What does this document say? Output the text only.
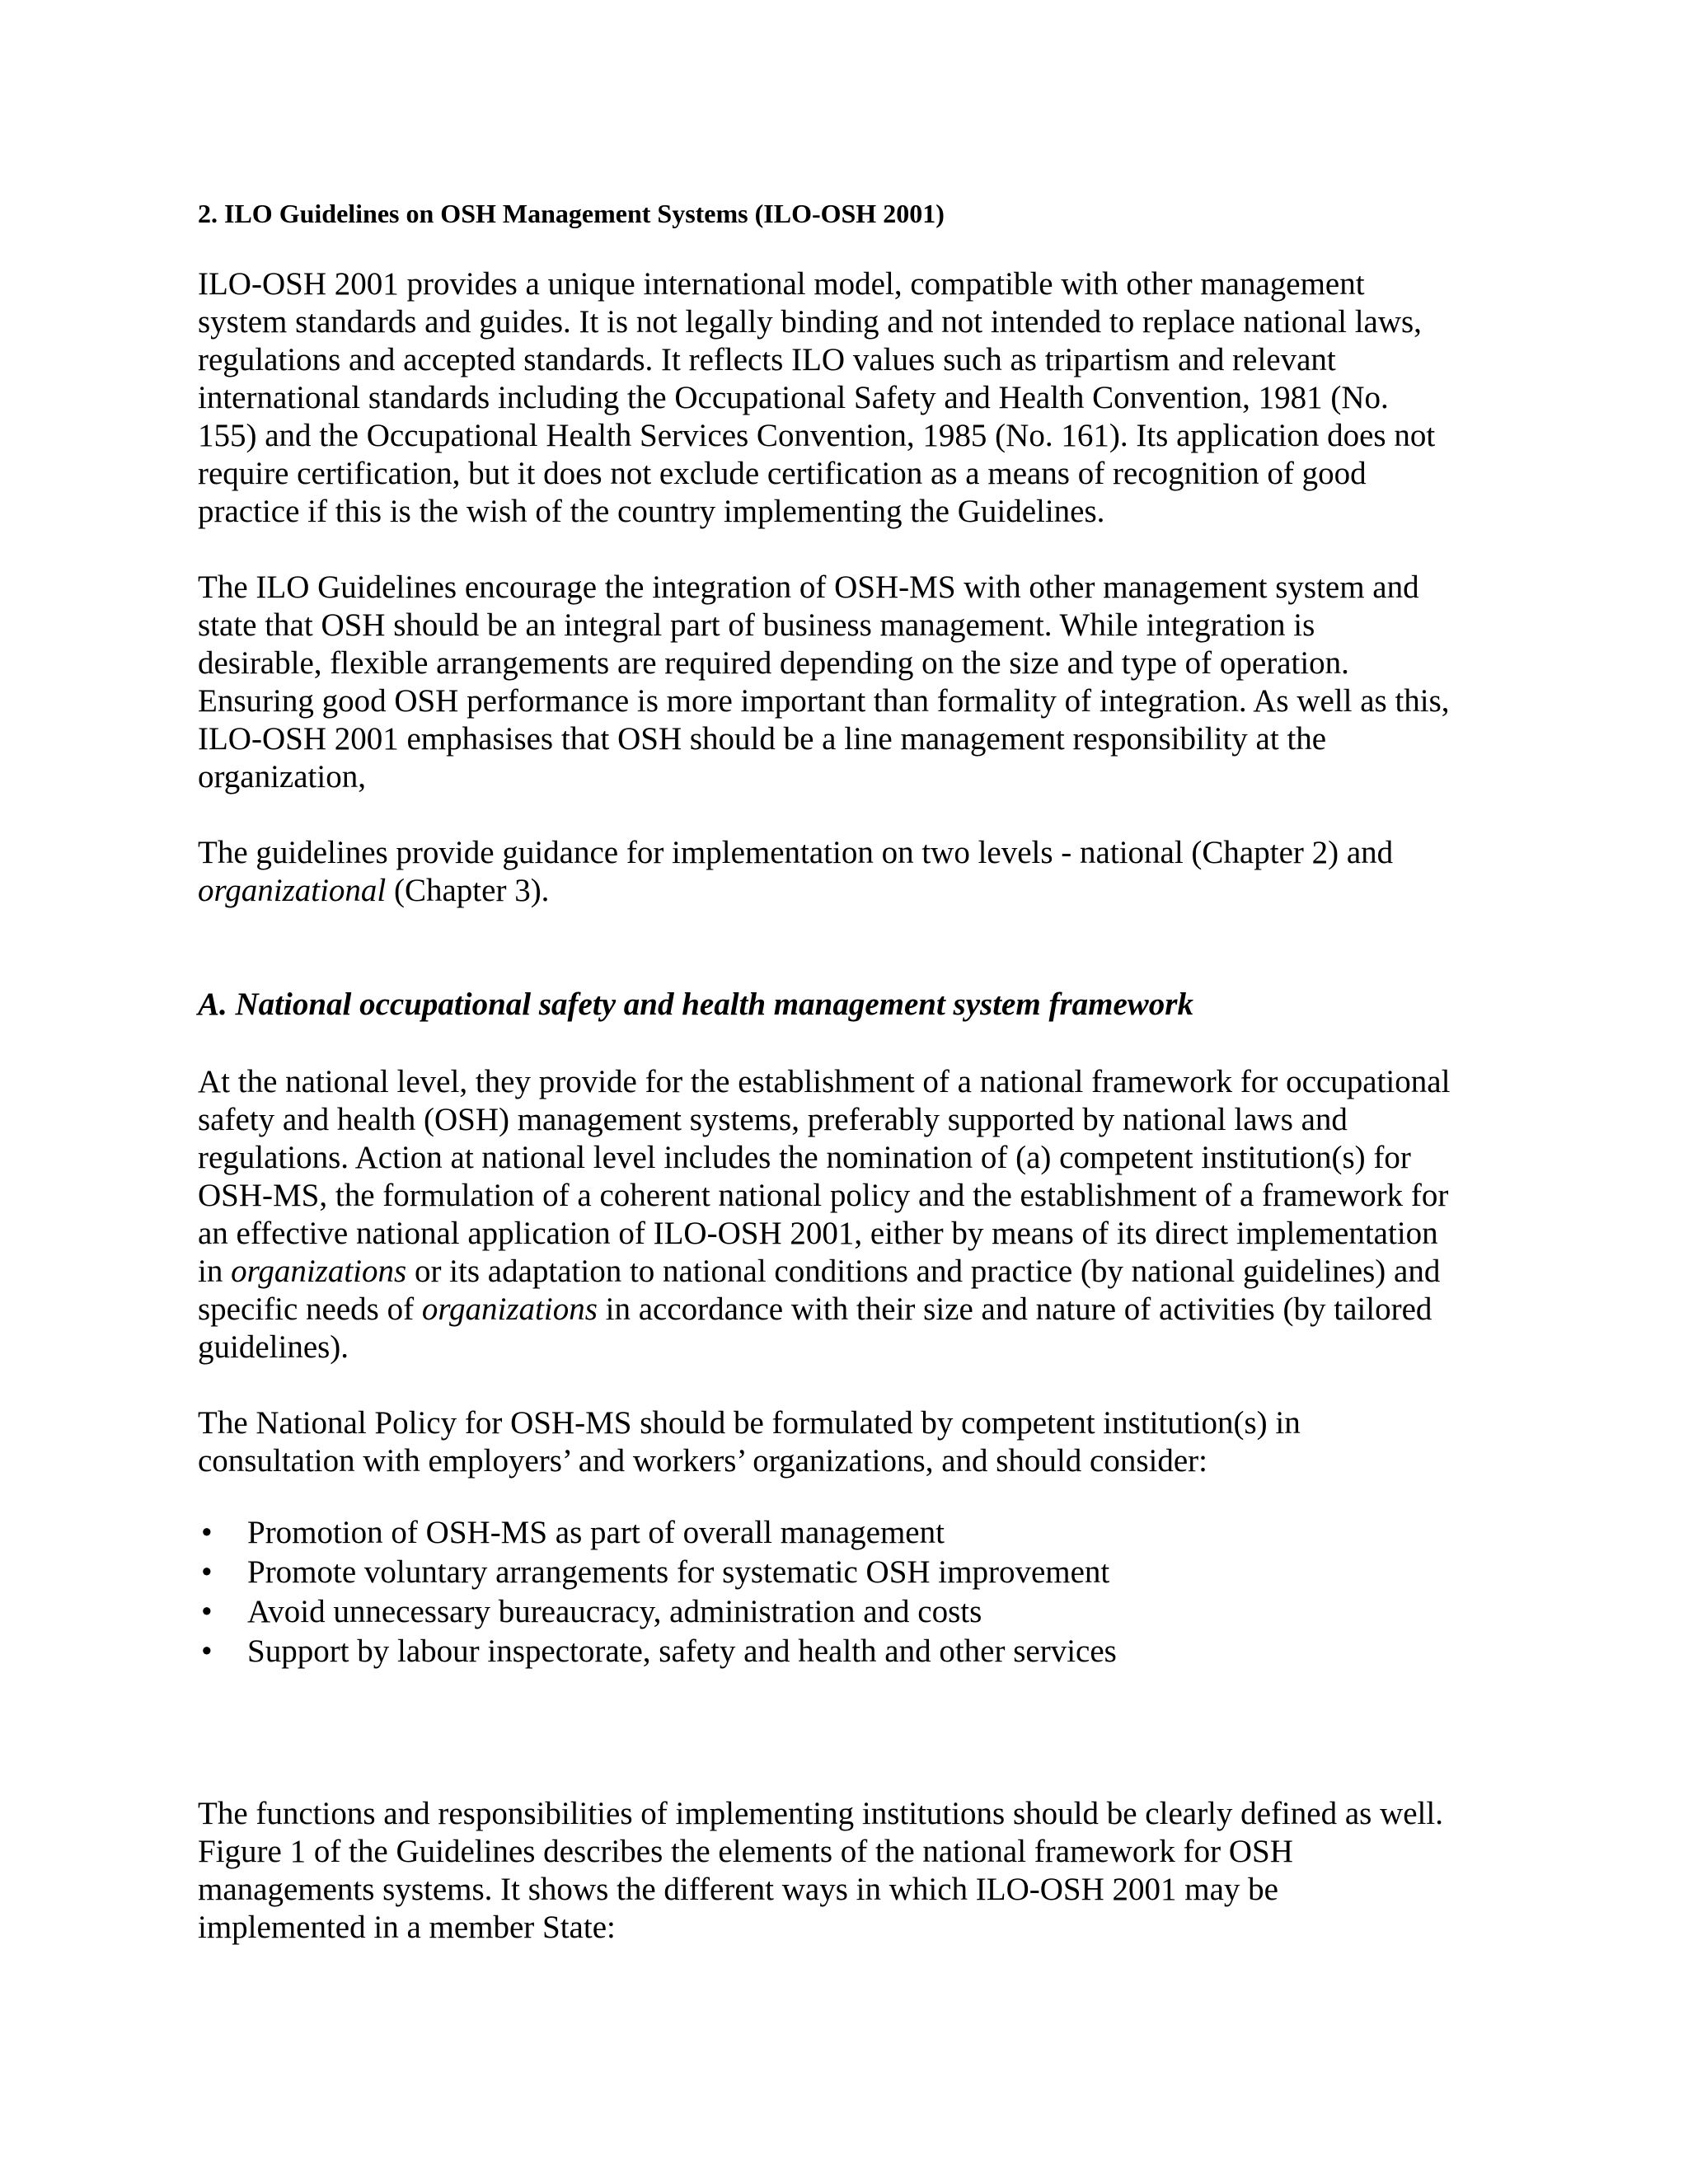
2. ILO Guidelines on OSH Management Systems (ILO-OSH 2001)
ILO-OSH 2001 provides a unique international model, compatible with other management
system standards and guides. It is not legally binding and not intended to replace national laws,
regulations and accepted standards. It reflects ILO values such as tripartism and relevant
international standards including the Occupational Safety and Health Convention, 1981 (No.
155) and the Occupational Health Services Convention, 1985 (No. 161). Its application does not
require certification, but it does not exclude certification as a means of recognition of good
practice if this is the wish of the country implementing the Guidelines.
The ILO Guidelines encourage the integration of OSH-MS with other management system and
state that OSH should be an integral part of business management. While integration is
desirable, flexible arrangements are required depending on the size and type of operation.
Ensuring good OSH performance is more important than formality of integration. As well as this,
ILO-OSH 2001 emphasises that OSH should be a line management responsibility at the
organization,
The guidelines provide guidance for implementation on two levels - national (Chapter 2) and
organizational (Chapter 3).
A. National occupational safety and health management system framework
At the national level, they provide for the establishment of a national framework for occupational
safety and health (OSH) management systems, preferably supported by national laws and
regulations. Action at national level includes the nomination of (a) competent institution(s) for
OSH-MS, the formulation of a coherent national policy and the establishment of a framework for
an effective national application of ILO-OSH 2001, either by means of its direct implementation
in organizations or its adaptation to national conditions and practice (by national guidelines) and
specific needs of organizations in accordance with their size and nature of activities (by tailored
guidelines).
The National Policy for OSH-MS should be formulated by competent institution(s) in
consultation with employers’ and workers’ organizations, and should consider:
• Promotion of OSH-MS as part of overall management
• Promote voluntary arrangements for systematic OSH improvement
• Avoid unnecessary bureaucracy, administration and costs
• Support by labour inspectorate, safety and health and other services
The functions and responsibilities of implementing institutions should be clearly defined as well.
Figure 1 of the Guidelines describes the elements of the national framework for OSH
managements systems. It shows the different ways in which ILO-OSH 2001 may be
implemented in a member State:
